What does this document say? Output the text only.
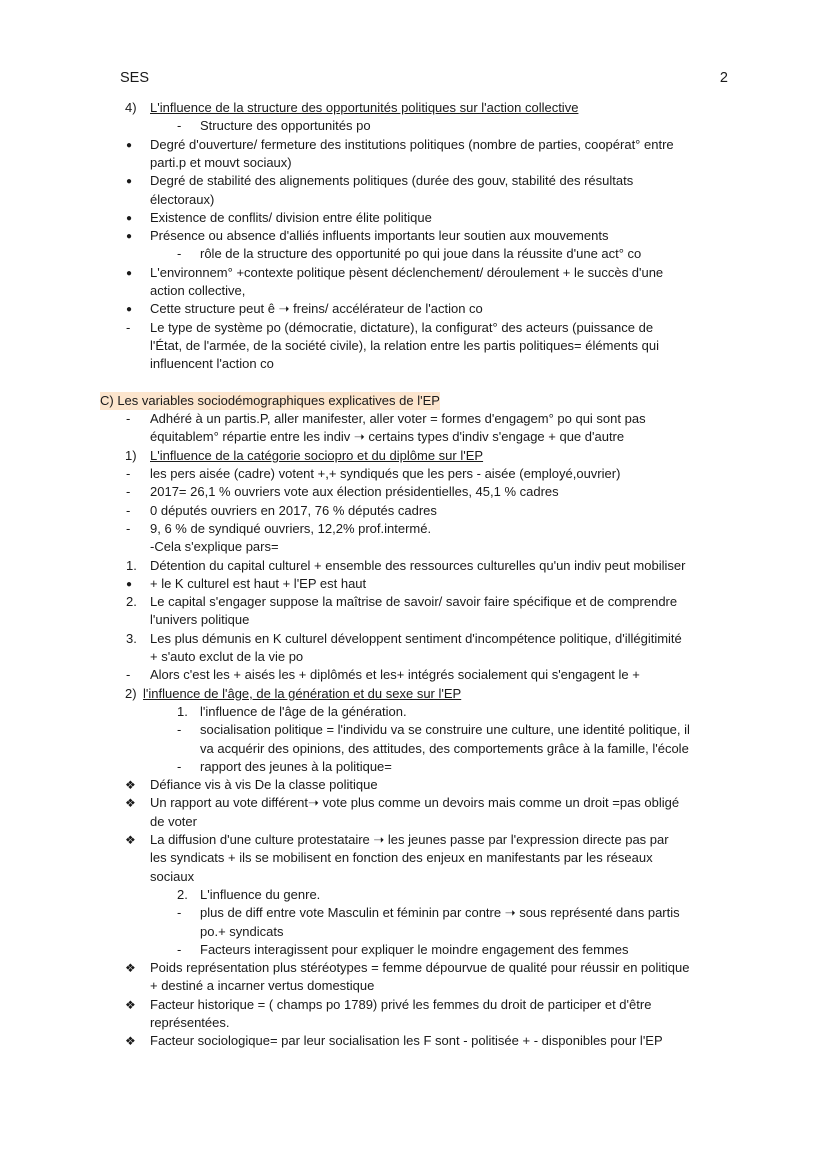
SES	2
4) L'influence de la structure des opportunités politiques sur l'action collective
- Structure des opportunités po
● Degré d'ouverture/ fermeture des institutions politiques (nombre de parties, coopérat° entre
parti.p et mouvt sociaux)
● Degré de stabilité des alignements politiques (durée des gouv, stabilité des résultats
électoraux)
● Existence de conflits/ division entre élite politique
● Présence ou absence d'alliés influents importants leur soutien aux mouvements
- rôle de la structure des opportunité po qui joue dans la réussite d'une act° co
● L'environnem° +contexte politique pèsent déclenchement/ déroulement + le succès d'une
action collective,
● Cette structure peut ê ➝ freins/ accélérateur de l'action co
- Le type de système po (démocratie, dictature), la configurat° des acteurs (puissance de
l'État, de l'armée, de la société civile), la relation entre les partis politiques= éléments qui
influencent l'action co
C) Les variables sociodémographiques explicatives de l'EP
- Adhéré à un partis.P, aller manifester, aller voter = formes d'engagem° po qui sont pas
équitablem° répartie entre les indiv ➝ certains types d'indiv s'engage + que d'autre
1) L'influence de la catégorie sociopro et du diplôme sur l'EP
- les pers aisée (cadre) votent +,+ syndiqués que les pers - aisée (employé,ouvrier)
- 2017= 26,1 % ouvriers vote aux élection présidentielles, 45,1 % cadres
- 0 députés ouvriers en 2017, 76 % députés cadres
- 9, 6 % de syndiqué ouvriers, 12,2% prof.intermé.
-Cela s'explique pars=
1. Détention du capital culturel + ensemble des ressources culturelles qu'un indiv peut mobiliser
● + le K culturel est haut + l'EP est haut
2. Le capital s'engager suppose la maîtrise de savoir/ savoir faire spécifique et de comprendre
l'univers politique
3. Les plus démunis en K culturel développent sentiment d'incompétence politique, d'illégitimité
+ s'auto exclut de la vie po
- Alors c'est les + aisés les + diplômés et les+ intégrés socialement qui s'engagent le +
2) l'influence de l'âge, de la génération et du sexe sur l'EP
1. l'influence de l'âge de la génération.
- socialisation politique = l'individu va se construire une culture, une identité politique, il
va acquérir des opinions, des attitudes, des comportements grâce à la famille, l'école
- rapport des jeunes à la politique=
❖ Défiance vis à vis De la classe politique
❖ Un rapport au vote différent➝ vote plus comme un devoirs mais comme un droit =pas obligé
de voter
❖ La diffusion d'une culture protestataire ➝ les jeunes passe par l'expression directe pas par
les syndicats + ils se mobilisent en fonction des enjeux en manifestants par les réseaux
sociaux
2. L'influence du genre.
- plus de diff entre vote Masculin et féminin par contre ➝ sous représenté dans partis
po.+ syndicats
- Facteurs interagissent pour expliquer le moindre engagement des femmes
❖ Poids représentation plus stéréotypes = femme dépourvue de qualité pour réussir en politique
+ destiné a incarner vertus domestique
❖ Facteur historique = ( champs po 1789) privé les femmes du droit de participer et d'être
représentées.
❖ Facteur sociologique= par leur socialisation les F sont - politisée + - disponibles pour l'EP
